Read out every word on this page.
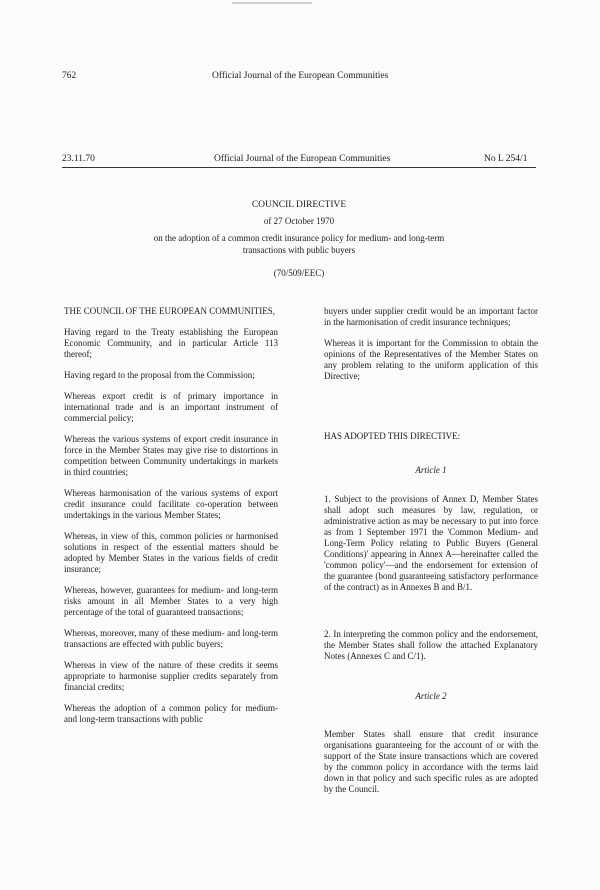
762	Official Journal of the European Communities
23.11.70	Official Journal of the European Communities	No L 254/1
COUNCIL DIRECTIVE
of 27 October 1970
on the adoption of a common credit insurance policy for medium- and long-term
transactions with public buyers
(70/509/EEC)

THE COUNCIL OF THE EUROPEAN COMMUNITIES,

Having regard to the Treaty establishing the European Economic Community, and in particular Article 113 thereof;

Having regard to the proposal from the Commission;

Whereas export credit is of primary importance in international trade and is an important instrument of commercial policy;

Whereas the various systems of export credit insurance in force in the Member States may give rise to distortions in competition between Community undertakings in markets in third countries;

Whereas harmonisation of the various systems of export credit insurance could facilitate co-operation between undertakings in the various Member States;

Whereas, in view of this, common policies or harmonised solutions in respect of the essential matters should be adopted by Member States in the various fields of credit insurance;

Whereas, however, guarantees for medium- and long-term risks amount in all Member States to a very high percentage of the total of guaranteed transactions;

Whereas, moreover, many of these medium- and long-term transactions are effected with public buyers;

Whereas in view of the nature of these credits it seems appropriate to harmonise supplier credits separately from financial credits;

Whereas the adoption of a common policy for medium- and long-term transactions with public

buyers under supplier credit would be an important factor in the harmonisation of credit insurance techniques;

Whereas it is important for the Commission to obtain the opinions of the Representatives of the Member States on any problem relating to the uniform application of this Directive;

HAS ADOPTED THIS DIRECTIVE:
Article 1

1. Subject to the provisions of Annex D, Member States shall adopt such measures by law, regulation, or administrative action as may be necessary to put into force as from 1 September 1971 the 'Common Medium- and Long-Term Policy relating to Public Buyers (General Conditions)' appearing in Annex A—hereinafter called the 'common policy'—and the endorsement for extension of the guarantee (bond guaranteeing satisfactory performance of the contract) as in Annexes B and B/1.

2. In interpreting the common policy and the endorsement, the Member States shall follow the attached Explanatory Notes (Annexes C and C/1).

Article 2

Member States shall ensure that credit insurance organisations guaranteeing for the account of or with the support of the State insure transactions which are covered by the common policy in accordance with the terms laid down in that policy and such specific rules as are adopted by the Council.
